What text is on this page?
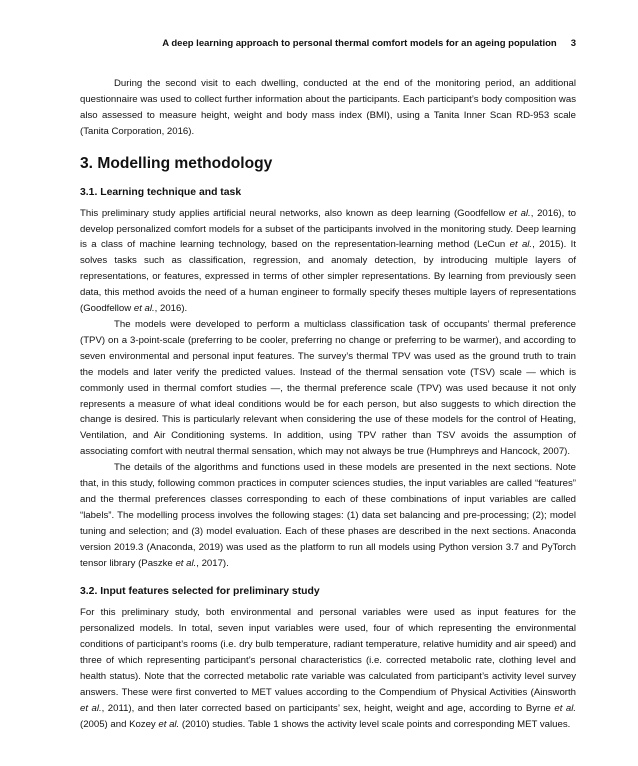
A deep learning approach to personal thermal comfort models for an ageing population 3

During the second visit to each dwelling, conducted at the end of the monitoring period, an additional questionnaire was used to collect further information about the participants. Each participant’s body composition was also assessed to measure height, weight and body mass index (BMI), using a Tanita Inner Scan RD-953 scale (Tanita Corporation, 2016).

3. Modelling methodology
3.1. Learning technique and task

This preliminary study applies artificial neural networks, also known as deep learning (Goodfellow et al., 2016), to develop personalized comfort models for a subset of the participants involved in the monitoring study. Deep learning is a class of machine learning technology, based on the representation-learning method (LeCun et al., 2015). It solves tasks such as classification, regression, and anomaly detection, by introducing multiple layers of representations, or features, expressed in terms of other simpler representations. By learning from previously seen data, this method avoids the need of a human engineer to formally specify theses multiple layers of representations (Goodfellow et al., 2016).

The models were developed to perform a multiclass classification task of occupants’ thermal preference (TPV) on a 3-point-scale (preferring to be cooler, preferring no change or preferring to be warmer), and according to seven environmental and personal input features. The survey’s thermal TPV was used as the ground truth to train the models and later verify the predicted values. Instead of the thermal sensation vote (TSV) scale — which is commonly used in thermal comfort studies —, the thermal preference scale (TPV) was used because it not only represents a measure of what ideal conditions would be for each person, but also suggests to which direction the change is desired. This is particularly relevant when considering the use of these models for the control of Heating, Ventilation, and Air Conditioning systems. In addition, using TPV rather than TSV avoids the assumption of associating comfort with neutral thermal sensation, which may not always be true (Humphreys and Hancock, 2007).

The details of the algorithms and functions used in these models are presented in the next sections. Note that, in this study, following common practices in computer sciences studies, the input variables are called “features” and the thermal preferences classes corresponding to each of these combinations of input variables are called “labels”. The modelling process involves the following stages: (1) data set balancing and pre-processing; (2); model tuning and selection; and (3) model evaluation. Each of these phases are described in the next sections. Anaconda version 2019.3 (Anaconda, 2019) was used as the platform to run all models using Python version 3.7 and PyTorch tensor library (Paszke et al., 2017).

3.2. Input features selected for preliminary study

For this preliminary study, both environmental and personal variables were used as input features for the personalized models. In total, seven input variables were used, four of which representing the environmental conditions of participant’s rooms (i.e. dry bulb temperature, radiant temperature, relative humidity and air speed) and three of which representing participant’s personal characteristics (i.e. corrected metabolic rate, clothing level and health status). Note that the corrected metabolic rate variable was calculated from participant’s activity level survey answers. These were first converted to MET values according to the Compendium of Physical Activities (Ainsworth et al., 2011), and then later corrected based on participants’ sex, height, weight and age, according to Byrne et al. (2005) and Kozey et al. (2010) studies. Table 1 shows the activity level scale points and corresponding MET values.
